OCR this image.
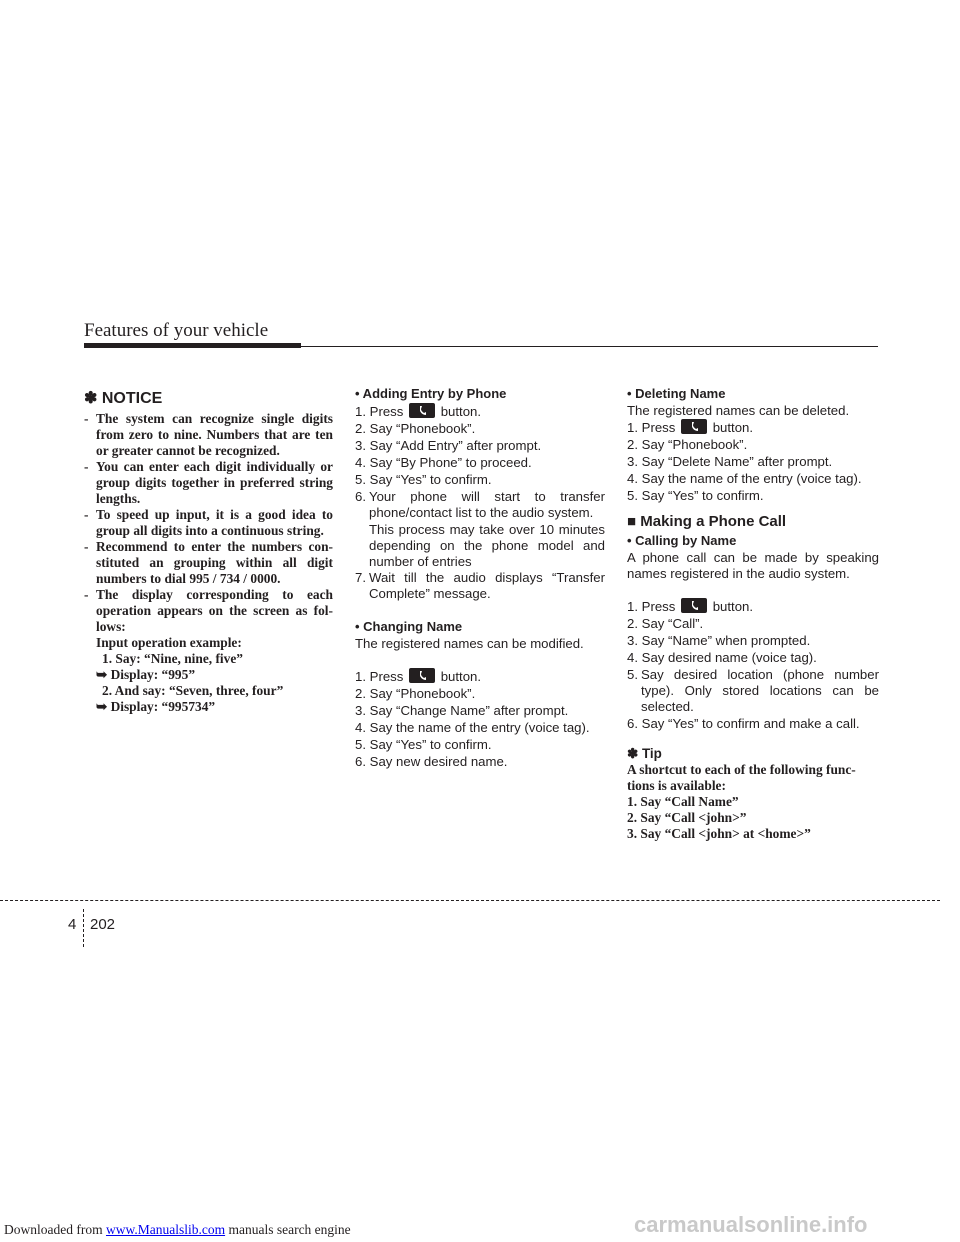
Features of your vehicle
✽ NOTICE
- The system can recognize single digits from zero to nine. Numbers that are ten or greater cannot be recognized.
- You can enter each digit individually or group digits together in preferred string lengths.
- To speed up input, it is a good idea to group all digits into a continuous string.
- Recommend to enter the numbers con-stituted an grouping within all digit numbers to dial 995 / 734 / 0000.
- The display corresponding to each operation appears on the screen as fol-lows:
Input operation example:
1. Say: “Nine, nine, five”
➥ Display: “995”
2. And say: “Seven, three, four”
➥ Display: “995734”
• Adding Entry by Phone
1. Press	button.
2. Say “Phonebook”.
3. Say “Add Entry” after prompt.
4. Say “By Phone” to proceed.
5. Say “Yes” to confirm.
6. Your phone will start to transfer phone/contact list to the audio system.
This process may take over 10 minutes depending on the phone model and number of entries
7. Wait till the audio displays “Transfer Complete” message.
• Changing Name
The registered names can be modified.
1. Press	button.
2. Say “Phonebook”.
3. Say “Change Name” after prompt.
4. Say the name of the entry (voice tag).
5. Say “Yes” to confirm.
6. Say new desired name.
• Deleting Name
The registered names can be deleted.
1. Press	button.
2. Say “Phonebook”.
3. Say “Delete Name” after prompt.
4. Say the name of the entry (voice tag).
5. Say “Yes” to confirm.
■ Making a Phone Call
• Calling by Name
A phone call can be made by speaking names registered in the audio system.
1. Press	button.
2. Say “Call”.
3. Say “Name” when prompted.
4. Say desired name (voice tag).
5. Say desired location (phone number type). Only stored locations can be selected.
6. Say “Yes” to confirm and make a call.
✽ Tip
A shortcut to each of the following func-tions is available:
1. Say “Call Name”
2. Say “Call <john>”
3. Say “Call <john> at <home>”
4 202
Downloaded from www.Manualslib.com manuals search engine	carmanualsonline.info
